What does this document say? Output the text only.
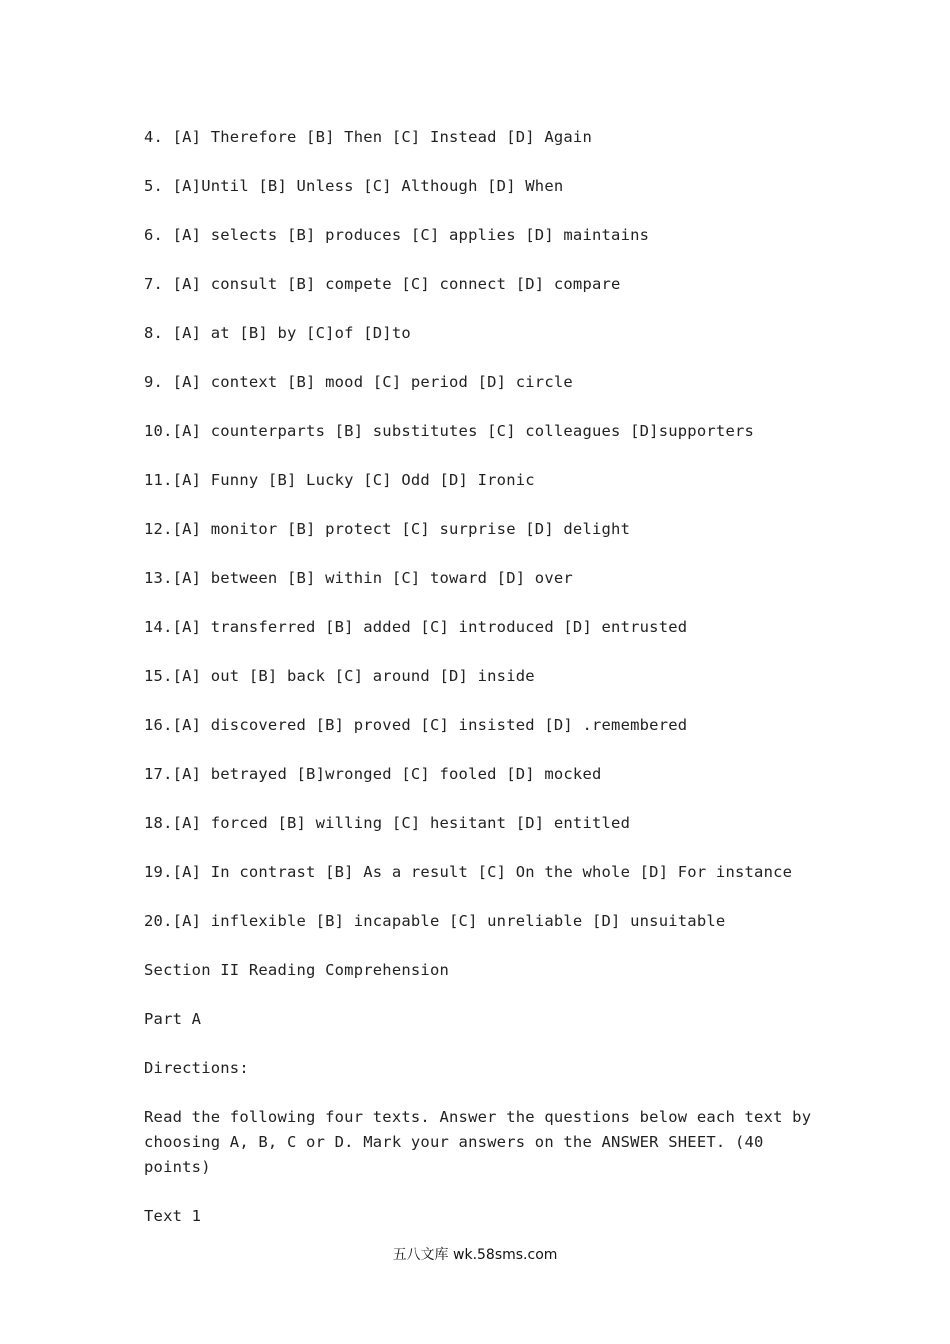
4. [A] Therefore [B] Then [C] Instead [D] Again
5. [A]Until [B] Unless [C] Although [D] When
6. [A] selects [B] produces [C] applies [D] maintains
7. [A] consult [B] compete [C] connect [D] compare
8. [A] at [B] by [C]of [D]to
9. [A] context [B] mood [C] period [D] circle
10.[A] counterparts [B] substitutes [C] colleagues [D]supporters
11.[A] Funny [B] Lucky [C] Odd [D] Ironic
12.[A] monitor [B] protect [C] surprise [D] delight
13.[A] between [B] within [C] toward [D] over
14.[A] transferred [B] added [C] introduced [D] entrusted
15.[A] out [B] back [C] around [D] inside
16.[A] discovered [B] proved [C] insisted [D] .remembered
17.[A] betrayed [B]wronged [C] fooled [D] mocked
18.[A] forced [B] willing [C] hesitant [D] entitled
19.[A] In contrast [B] As a result [C] On the whole [D] For instance
20.[A] inflexible [B] incapable [C] unreliable [D] unsuitable
Section II Reading Comprehension
Part A
Directions:
Read the following four texts. Answer the questions below each text by choosing A, B, C or D. Mark your answers on the ANSWER SHEET. (40 points)
Text 1
五八文库 wk.58sms.com
